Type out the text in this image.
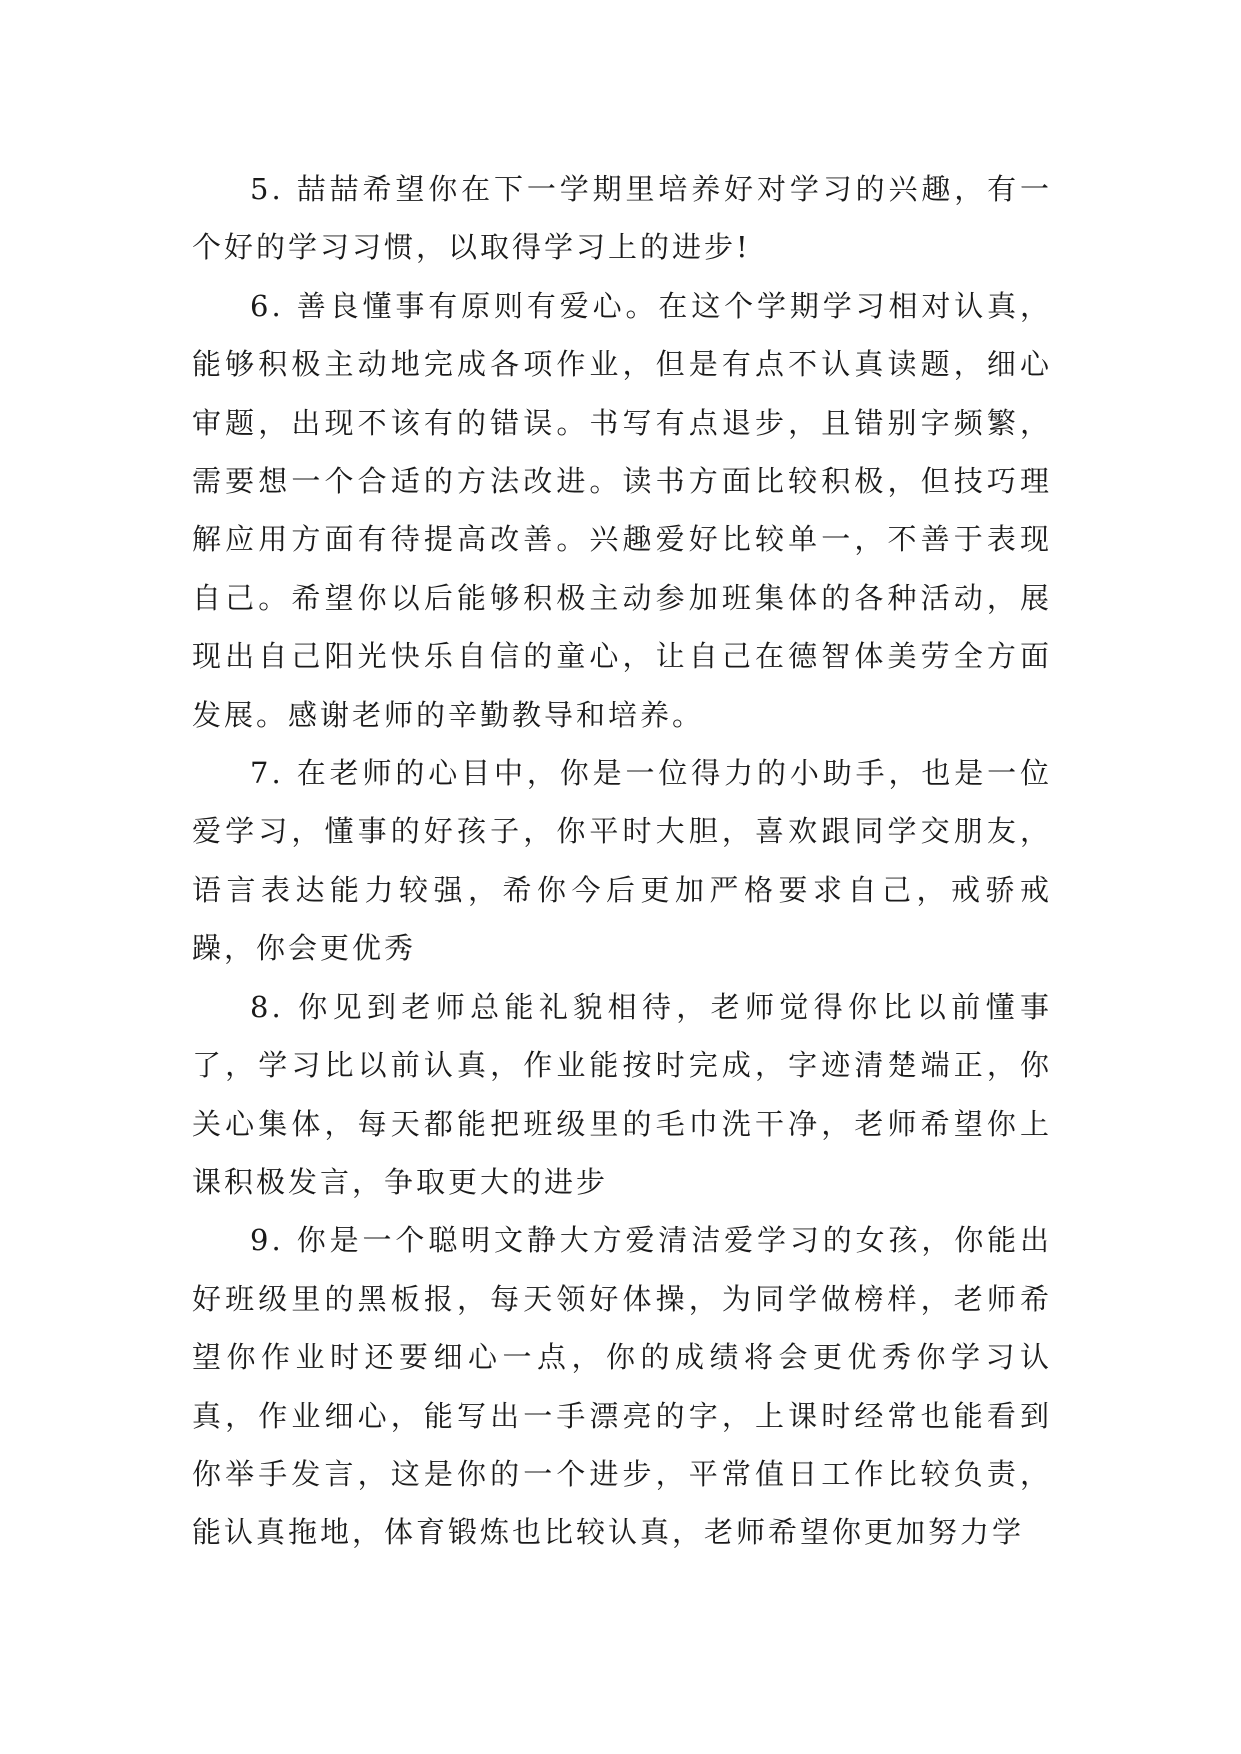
5. 喆喆希望你在下一学期里培养好对学习的兴趣，有一个好的学习习惯，以取得学习上的进步!

6. 善良懂事有原则有爱心。在这个学期学习相对认真，能够积极主动地完成各项作业，但是有点不认真读题，细心审题，出现不该有的错误。书写有点退步，且错别字频繁，需要想一个合适的方法改进。读书方面比较积极，但技巧理解应用方面有待提高改善。兴趣爱好比较单一，不善于表现自己。希望你以后能够积极主动参加班集体的各种活动，展现出自己阳光快乐自信的童心，让自己在德智体美劳全方面发展。感谢老师的辛勤教导和培养。

7. 在老师的心目中，你是一位得力的小助手，也是一位爱学习，懂事的好孩子，你平时大胆，喜欢跟同学交朋友，语言表达能力较强，希你今后更加严格要求自己，戒骄戒躁，你会更优秀

8. 你见到老师总能礼貌相待，老师觉得你比以前懂事了，学习比以前认真，作业能按时完成，字迹清楚端正，你关心集体，每天都能把班级里的毛巾洗干净，老师希望你上课积极发言，争取更大的进步

9. 你是一个聪明文静大方爱清洁爱学习的女孩，你能出好班级里的黑板报，每天领好体操，为同学做榜样，老师希望你作业时还要细心一点，你的成绩将会更优秀你学习认真，作业细心，能写出一手漂亮的字，上课时经常也能看到你举手发言，这是你的一个进步，平常值日工作比较负责，能认真拖地，体育锻炼也比较认真，老师希望你更加努力学
